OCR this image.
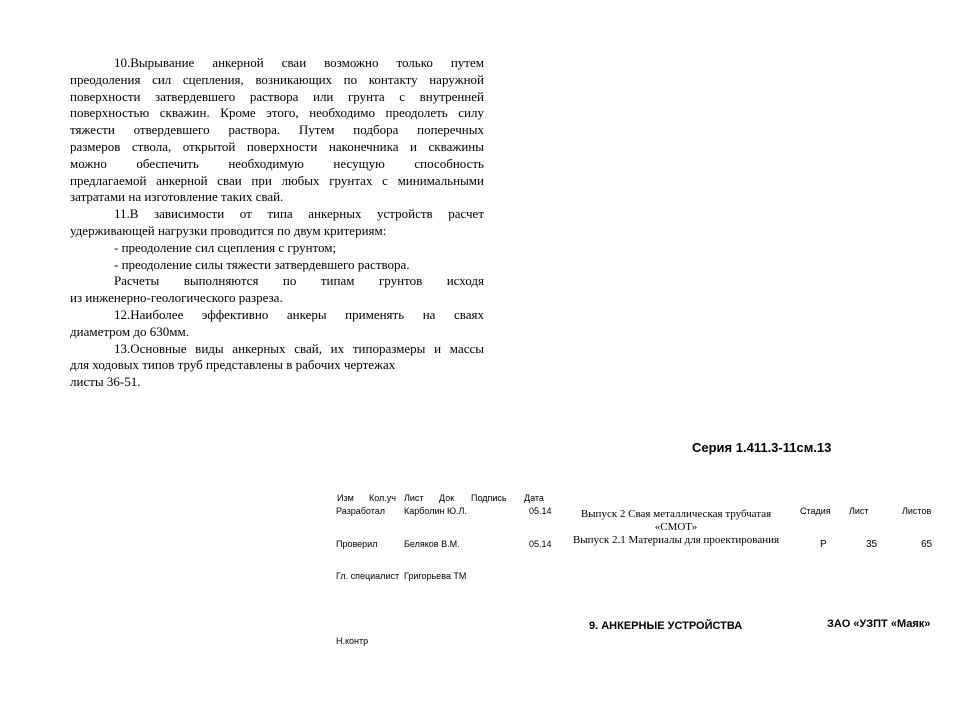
10.Вырывание анкерной сваи возможно только путем

преодоления сил сцепления, возникающих по контакту наружной

поверхности затвердевшего раствора или грунта с внутренней

поверхностью скважин. Кроме этого, необходимо преодолеть силу

тяжести отвердевшего раствора. Путем подбора поперечных

размеров ствола, открытой поверхности наконечника и скважины

можно обеспечить необходимую несущую способность

предлагаемой анкерной сваи при любых грунтах с минимальными

затратами на изготовление таких свай.

11.В зависимости от типа анкерных устройств расчет

удерживающей нагрузки проводится по двум критериям:

- преодоление сил сцепления с грунтом;

- преодоление силы тяжести затвердевшего раствора.

Расчеты выполняются по типам грунтов исходя

из инженерно-геологического разреза.

12.Наиболее эффективно анкеры применять на сваях

диаметром до 630мм.

13.Основные виды анкерных свай, их типоразмеры и массы

для ходовых типов труб представлены в рабочих чертежах

листы 36-51.

Серия 1.411.3-11см.13
Изм Кол.уч Лист Док Подпись Дата
Разработал Карболин Ю.Л.	05.14
Проверил	Беляков В.М.	05.14
Гл. специалист Григорьева ТМ
Н.контр
Выпуск 2 Свая металлическая трубчатая
«СМОТ»
Выпуск 2.1 Материалы для проектирования
Стадия Лист	Листов
Р	35	65
9. АНКЕРНЫЕ УСТРОЙСТВА	ЗАО «УЗПТ «Маяк»
